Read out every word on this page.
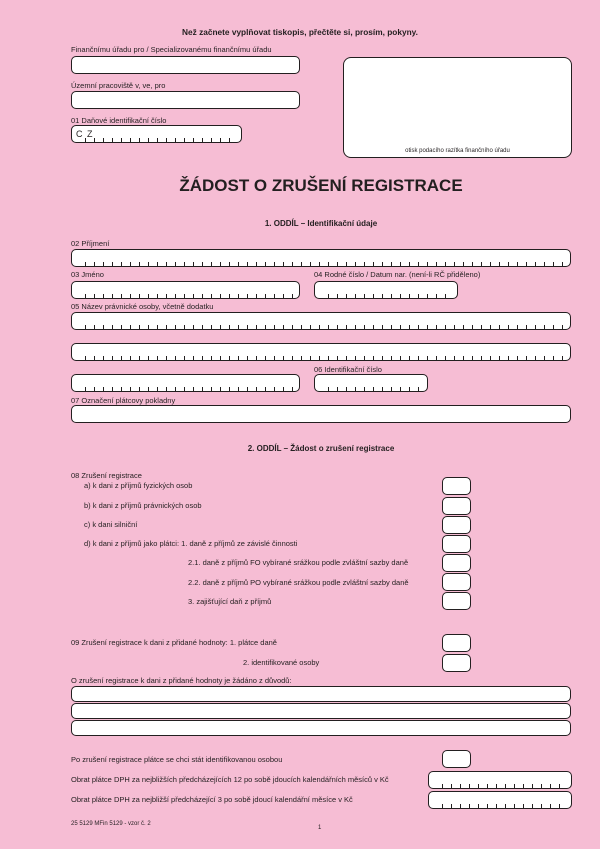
Než začnete vyplňovat tiskopis, přečtěte si, prosím, pokyny.
Finančnímu úřadu pro / Specializovanému finančnímu úřadu
Územní pracoviště v, ve, pro
01 Daňové identifikační číslo
C Z
otisk podacího razítka finančního úřadu
ŽÁDOST O ZRUŠENÍ REGISTRACE
1. ODDÍL – Identifikační údaje
02 Příjmení
03 Jméno	04 Rodné číslo / Datum nar. (není-li RČ přiděleno)
05 Název právnické osoby, včetně dodatku
06 Identifikační číslo
07 Označení plátcovy pokladny
2. ODDÍL – Žádost o zrušení registrace
08 Zrušení registrace
a) k dani z příjmů fyzických osob
b) k dani z příjmů právnických osob
c) k dani silniční
d) k dani z příjmů jako plátci: 1. daně z příjmů ze závislé činnosti
2.1. daně z příjmů FO vybírané srážkou podle zvláštní sazby daně
2.2. daně z příjmů PO vybírané srážkou podle zvláštní sazby daně
3. zajišťující daň z příjmů
09 Zrušení registrace k dani z přidané hodnoty: 1. plátce daně
2. identifikované osoby
O zrušení registrace k dani z přidané hodnoty je žádáno z důvodů:
Po zrušení registrace plátce se chci stát identifikovanou osobou
Obrat plátce DPH za nejbližších předcházejících 12 po sobě jdoucích kalendářních měsíců v Kč
Obrat plátce DPH za nejbližší předcházející 3 po sobě jdoucí kalendářní měsíce v Kč
25 5129 MFin 5129 - vzor č. 2
1
